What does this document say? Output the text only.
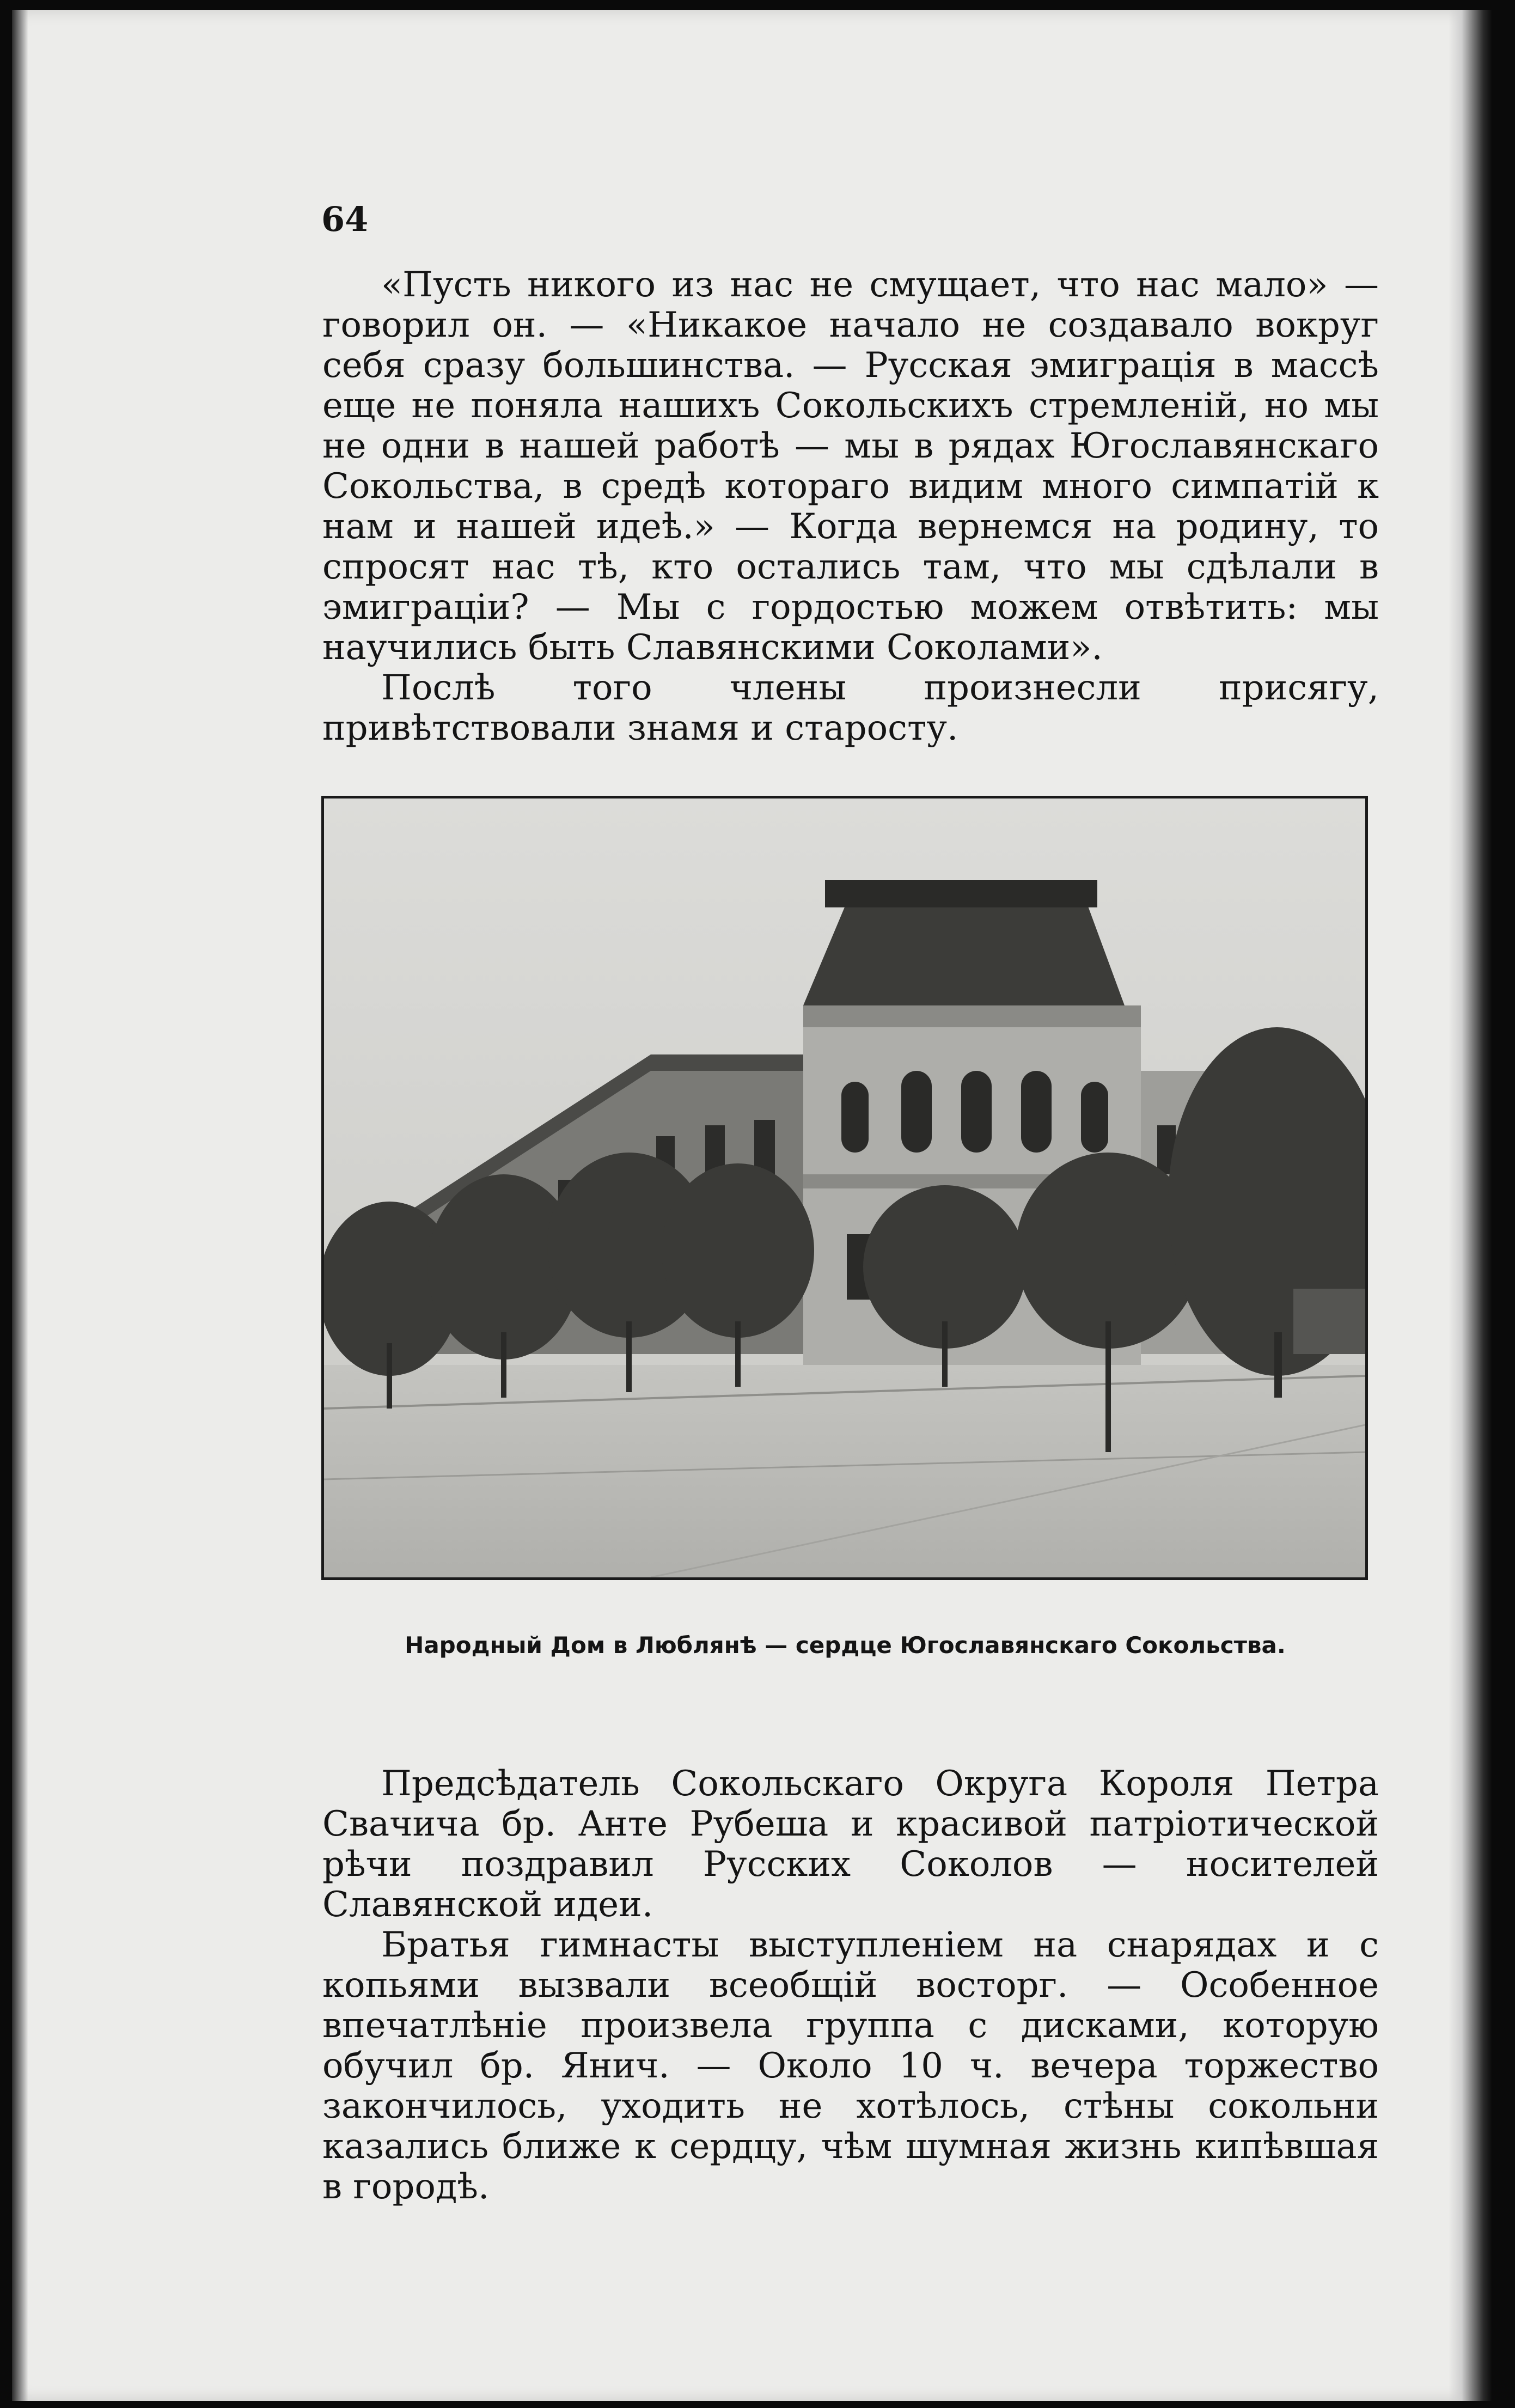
64

«Пусть никого из нас не смущает, что нас мало» — говорил он. — «Никакое начало не создавало вокруг себя сразу большинства. — Русская эмиграція в массѣ еще не поняла нашихъ Сокольскихъ стремленій, но мы не одни в нашей работѣ — мы в рядах Югославянскаго Сокольства, в средѣ котораго видим много симпатій к нам и нашей идеѣ.» — Когда вернемся на родину, то спросят нас тѣ, кто остались там, что мы сдѣлали в эмиграціи? — Мы с гордостью можем отвѣтить: мы научились быть Славянскими Соколами».

Послѣ того члены произнесли присягу, привѣтствовали знамя и старосту.

Народный Дом в Люблянѣ — сердце Югославянскаго Сокольства.

Предсѣдатель Сокольскаго Округа Короля Петра Свачича бр. Анте Рубеша и красивой патріотической рѣчи поздравил Русских Соколов — носителей Славянской идеи.

Братья гимнасты выступленіем на снарядах и с копьями вызвали всеобщій восторг. — Особенное впечатлѣніе произвела группа с дисками, которую обучил бр. Янич. — Около 10 ч. вечера торжество закончилось, уходить не хотѣлось, стѣны сокольни казались ближе к сердцу, чѣм шумная жизнь кипѣвшая в городѣ.
